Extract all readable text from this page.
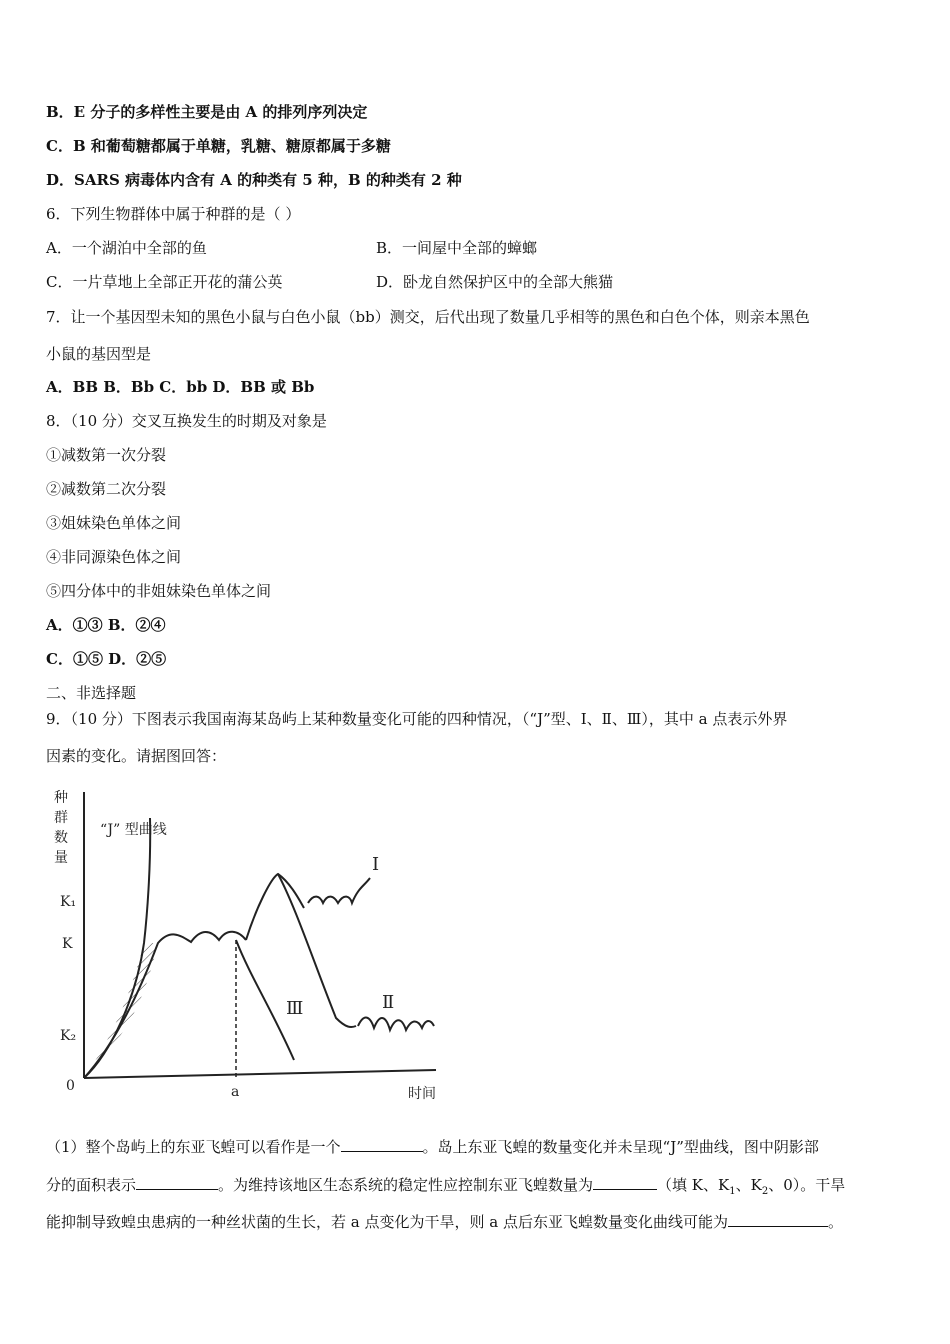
B．E 分子的多样性主要是由 A 的排列序列决定
C．B 和葡萄糖都属于单糖，乳糖、糖原都属于多糖
D．SARS 病毒体内含有 A 的种类有 5 种，B 的种类有 2 种
6．下列生物群体中属于种群的是（ ）
A．一个湖泊中全部的鱼	B．一间屋中全部的蟑螂
C．一片草地上全部正开花的蒲公英	D．卧龙自然保护区中的全部大熊猫
7．让一个基因型未知的黑色小鼠与白色小鼠（bb）测交，后代出现了数量几乎相等的黑色和白色个体，则亲本黑色
小鼠的基因型是
A．BB B．Bb C．bb D．BB 或 Bb
8．（10 分）交叉互换发生的时期及对象是
①减数第一次分裂
②减数第二次分裂
③姐妹染色单体之间
④非同源染色体之间
⑤四分体中的非姐妹染色单体之间
A．①③ B．②④
C．①⑤ D．②⑤
二、非选择题
9．（10 分）下图表示我国南海某岛屿上某种数量变化可能的四种情况，（“J”型、Ⅰ、Ⅱ、Ⅲ），其中 a 点表示外界
因素的变化。请据图回答：
种
群
数
量
“J” 型曲线
K₁
K
K₂
0	a	时间
Ⅰ
Ⅱ
Ⅲ
（1）整个岛屿上的东亚飞蝗可以看作是一个	。岛上东亚飞蝗的数量变化并未呈现“J”型曲线，图中阴影部
分的面积表示	。为维持该地区生态系统的稳定性应控制东亚飞蝗数量为	（填 K、$K_1$、$K_2$、0）。干旱
能抑制导致蝗虫患病的一种丝状菌的生长，若 a 点变化为干旱，则 a 点后东亚飞蝗数量变化曲线可能为	。
